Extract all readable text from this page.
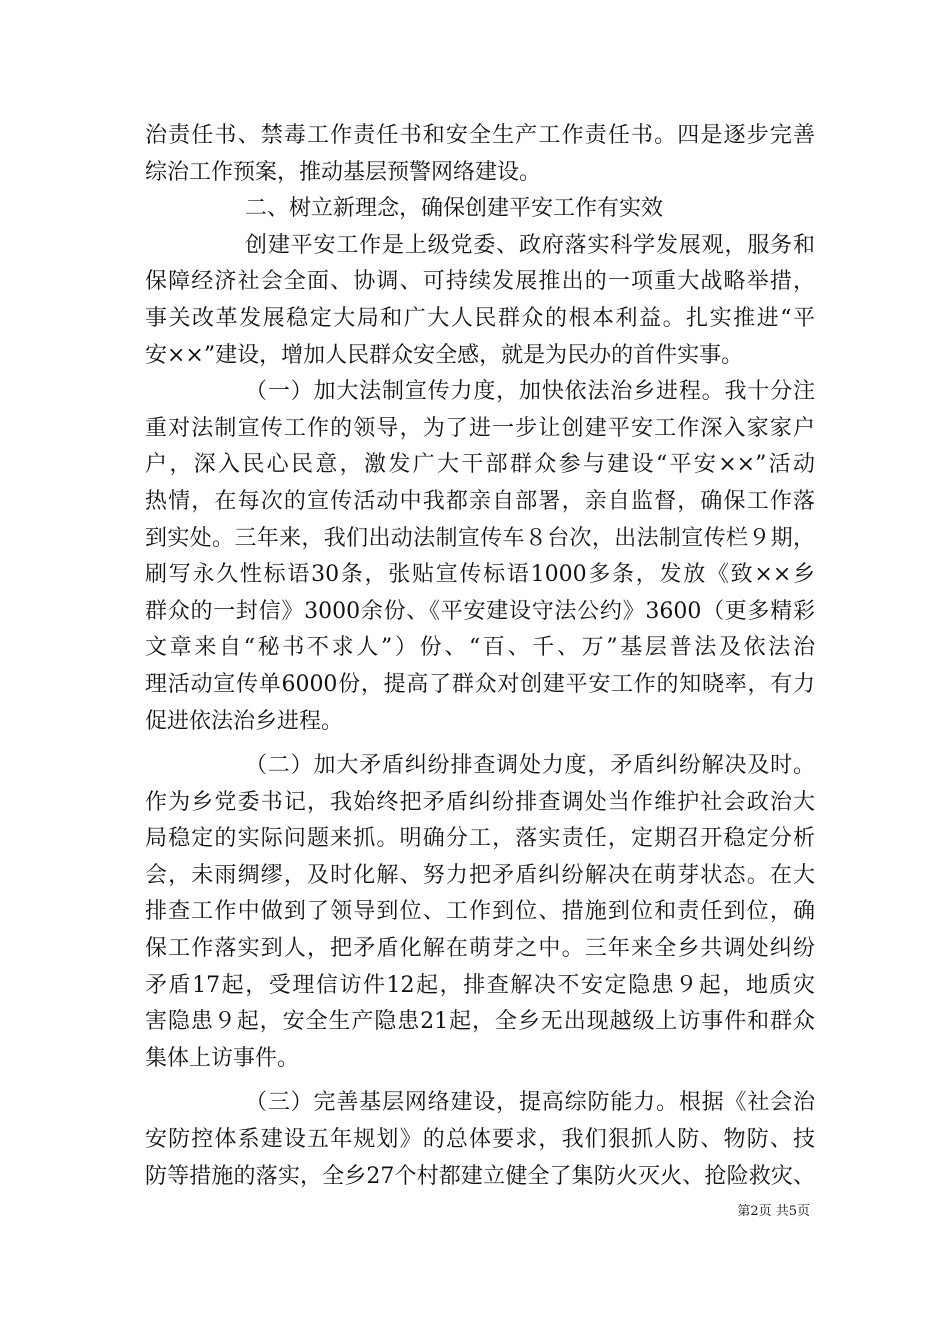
治责任书、禁毒工作责任书和安全生产工作责任书。四是逐步完善
综治工作预案，推动基层预警网络建设。

二、树立新理念，确保创建平安工作有实效

创建平安工作是上级党委、政府落实科学发展观，服务和
保障经济社会全面、协调、可持续发展推出的一项重大战略举措，
事关改革发展稳定大局和广大人民群众的根本利益。扎实推进“平
安××”建设，增加人民群众安全感，就是为民办的首件实事。

（一）加大法制宣传力度，加快依法治乡进程。我十分注
重对法制宣传工作的领导，为了进一步让创建平安工作深入家家户
户，深入民心民意，激发广大干部群众参与建设“平安××”活动
热情，在每次的宣传活动中我都亲自部署，亲自监督，确保工作落
到实处。三年来，我们出动法制宣传车８台次，出法制宣传栏９期，
刷写永久性标语30条，张贴宣传标语1000多条，发放《致××乡
群众的一封信》3000余份、《平安建设守法公约》3600（更多精彩
文章来自“秘书不求人”）份、“百、千、万”基层普法及依法治
理活动宣传单6000份，提高了群众对创建平安工作的知晓率，有力
促进依法治乡进程。

（二）加大矛盾纠纷排查调处力度，矛盾纠纷解决及时。
作为乡党委书记，我始终把矛盾纠纷排查调处当作维护社会政治大
局稳定的实际问题来抓。明确分工，落实责任，定期召开稳定分析
会，未雨绸缪，及时化解、努力把矛盾纠纷解决在萌芽状态。在大
排查工作中做到了领导到位、工作到位、措施到位和责任到位，确
保工作落实到人，把矛盾化解在萌芽之中。三年来全乡共调处纠纷
矛盾17起，受理信访件12起，排查解决不安定隐患９起，地质灾
害隐患９起，安全生产隐患21起，全乡无出现越级上访事件和群众
集体上访事件。

（三）完善基层网络建设，提高综防能力。根据《社会治
安防控体系建设五年规划》的总体要求，我们狠抓人防、物防、技
防等措施的落实，全乡27个村都建立健全了集防火灭火、抢险救灾、

第2页 共5页
